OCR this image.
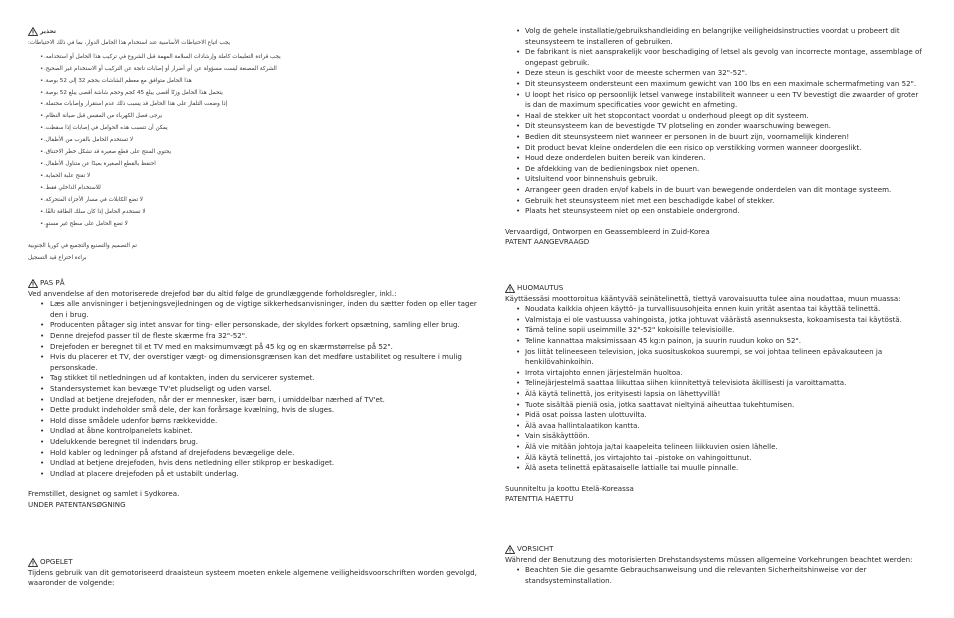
تحذير
يجب اتباع الاحتياطات الأساسية عند استخدام هذا الحامل الدوار، بما في ذلك الاحتياطات:
• يجب قراءة التعليمات كاملة وإرشادات السلامة المهمة قبل الشروع في تركيب هذا الحامل أو استخدامه.
• الشركة المصنعة ليست مسؤولة عن أي أضرار أو إصابات ناتجة عن التركيب أو الاستخدام غير الصحيح.
• هذا الحامل متوافق مع معظم الشاشات بحجم 32 إلى 52 بوصة.
• يتحمل هذا الحامل وزنًا أقصى يبلغ 45 كجم وحجم شاشة أقصى يبلغ 52 بوصة.
• إذا وضعت التلفاز على هذا الحامل قد يسبب ذلك عدم استقرار وإصابات محتملة.
• يرجى فصل الكهرباء من المقبس قبل صيانة النظام.
• يمكن أن تتسبب هذه الحوامل في إصابات إذا سقطت.
• لا تستخدم الحامل بالقرب من الأطفال.
• يحتوي المنتج على قطع صغيرة قد تشكل خطر الاختناق.
• احتفظ بالقطع الصغيرة بعيدًا عن متناول الأطفال.
• لا تفتح علبة الحماية.
• للاستخدام الداخلي فقط.
• لا تضع الكابلات في مسار الأجزاء المتحركة.
• لا تستخدم الحامل إذا كان سلك الطاقة تالفًا.
• لا تضع الحامل على سطح غير مستوٍ.
تم التصميم والتصنيع والتجميع في كوريا الجنوبية
براءة اختراع قيد التسجيل
PAS PÅ
Ved anvendelse af den motoriserede drejefod bør du altid følge de grundlæggende forholdsregler, inkl.:
• Læs alle anvisninger i betjeningsvejledningen og de vigtige sikkerhedsanvisninger, inden du sætter foden op eller tager den i brug.
• Producenten påtager sig intet ansvar for ting- eller personskade, der skyldes forkert opsætning, samling eller brug.
• Denne drejefod passer til de fleste skærme fra 32"-52".
• Drejefoden er beregnet til et TV med en maksimumvægt på 45 kg og en skærmstørrelse på 52".
• Hvis du placerer et TV, der overstiger vægt- og dimensionsgrænsen kan det medføre ustabilitet og resultere i mulig personskade.
• Tag stikket til netledningen ud af kontakten, inden du servicerer systemet.
• Standersystemet kan bevæge TV'et pludseligt og uden varsel.
• Undlad at betjene drejefoden, når der er mennesker, især børn, i umiddelbar nærhed af TV'et.
• Dette produkt indeholder små dele, der kan forårsage kvælning, hvis de sluges.
• Hold disse smådele udenfor børns rækkevidde.
• Undlad at åbne kontrolpanelets kabinet.
• Udelukkende beregnet til indendørs brug.
• Hold kabler og ledninger på afstand af drejefodens bevægelige dele.
• Undlad at betjene drejefoden, hvis dens netledning eller stikprop er beskadiget.
• Undlad at placere drejefoden på et ustabilt underlag.
Fremstillet, designet og samlet i Sydkorea.
UNDER PATENTANSØGNING
OPGELET
Tijdens gebruik van dit gemotoriseerd draaisteun systeem moeten enkele algemene veiligheidsvoorschriften worden gevolgd, waaronder de volgende:
• Volg de gehele installatie/gebruikshandleiding en belangrijke veiligheidsinstructies voordat u probeert dit steunsysteem te installeren of gebruiken.
• De fabrikant is niet aansprakelijk voor beschadiging of letsel als gevolg van incorrecte montage, assemblage of ongepast gebruik.
• Deze steun is geschikt voor de meeste schermen van 32"-52".
• Dit steunsysteem ondersteunt een maximum gewicht van 100 lbs en een maximale schermafmeting van 52".
• U loopt het risico op persoonlijk letsel vanwege instabiliteit wanneer u een TV bevestigt die zwaarder of groter is dan de maximum specificaties voor gewicht en afmeting.
• Haal de stekker uit het stopcontact voordat u onderhoud pleegt op dit systeem.
• Dit steunsysteem kan de bevestigde TV plotseling en zonder waarschuwing bewegen.
• Bedien dit steunsysteem niet wanneer er personen in de buurt zijn, voornamelijk kinderen!
• Dit product bevat kleine onderdelen die een risico op verstikking vormen wanneer doorgeslikt.
• Houd deze onderdelen buiten bereik van kinderen.
• De afdekking van de bedieningsbox niet openen.
• Uitsluitend voor binnenshuis gebruik.
• Arrangeer geen draden en/of kabels in de buurt van bewegende onderdelen van dit montage systeem.
• Gebruik het steunsysteem niet met een beschadigde kabel of stekker.
• Plaats het steunsysteem niet op een onstabiele ondergrond.
Vervaardigd, Ontworpen en Geassembleerd in Zuid-Korea
PATENT AANGEVRAAGD
HUOMAUTUS
Käyttäessäsi moottoroitua kääntyvää seinätelinettä, tiettyä varovaisuutta tulee aina noudattaa, muun muassa:
• Noudata kaikkia ohjeen käyttö- ja turvallisuusohjeita ennen kuin yrität asentaa tai käyttää telinettä.
• Valmistaja ei ole vastuussa vahingoista, jotka johtuvat väärästä asennuksesta, kokoamisesta tai käytöstä.
• Tämä teline sopii useimmille 32"-52" kokoisille televisioille.
• Teline kannattaa maksimissaan 45 kg:n painon, ja suurin ruudun koko on 52".
• Jos liität telineeseen television, joka suosituskokoa suurempi, se voi johtaa telineen epävakauteen ja henkilövahinkoihin.
• Irrota virtajohto ennen järjestelmän huoltoa.
• Telinejärjestelmä saattaa liikuttaa siihen kiinnitettyä televisiota äkillisesti ja varoittamatta.
• Älä käytä telinettä, jos erityisesti lapsia on lähettyvillä!
• Tuote sisältää pieniä osia, jotka saattavat nieltyinä aiheuttaa tukehtumisen.
• Pidä osat poissa lasten ulottuvilta.
• Älä avaa hallintalaatikon kantta.
• Vain sisäkäyttöön.
• Älä vie mitään johtoja ja/tai kaapeleita telineen liikkuvien osien lähelle.
• Älä käytä telinettä, jos virtajohto tai –pistoke on vahingoittunut.
• Älä aseta telinettä epätasaiselle lattialle tai muulle pinnalle.
Suunniteltu ja koottu Etelä-Koreassa
PATENTTIA HAETTU
VORSICHT
Während der Benutzung des motorisierten Drehstandsystems müssen allgemeine Vorkehrungen beachtet werden:
• Beachten Sie die gesamte Gebrauchsanweisung und die relevanten Sicherheitshinweise vor der standsysteminstallation.
